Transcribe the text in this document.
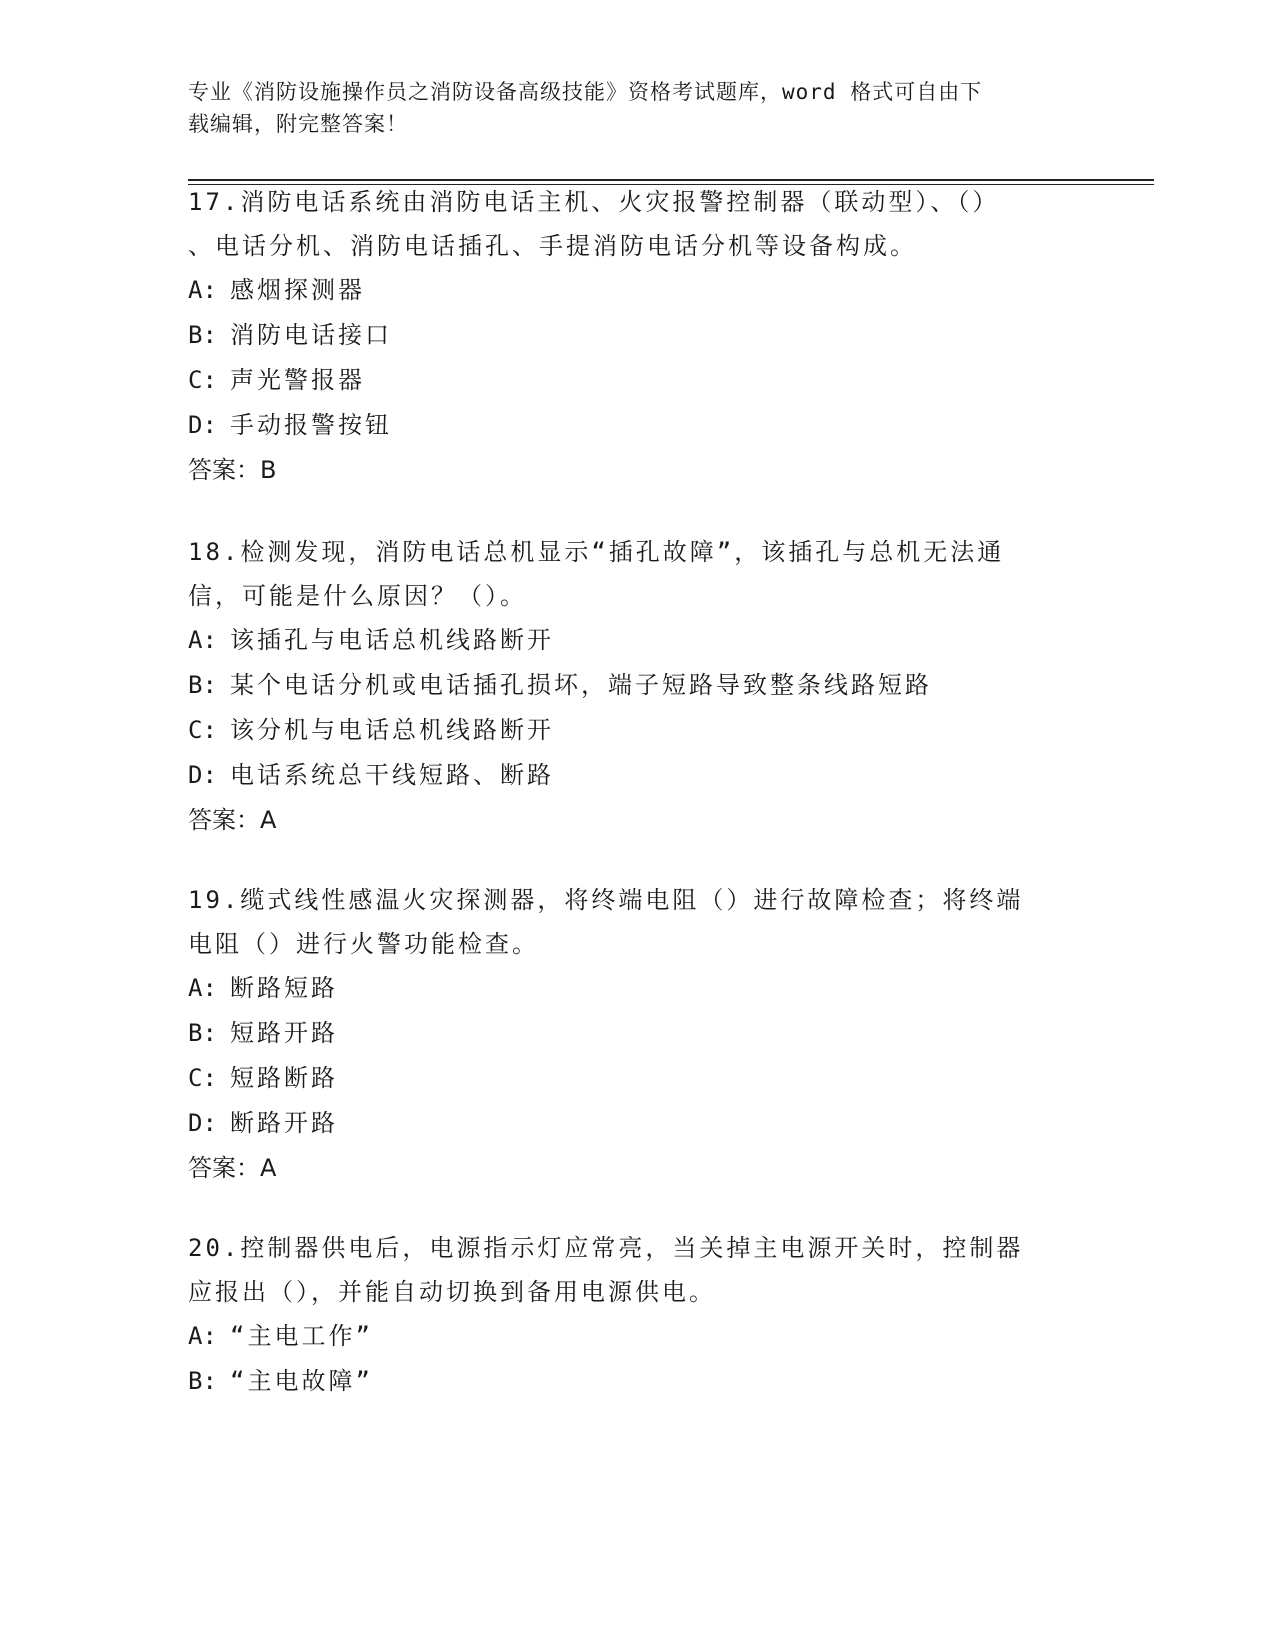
专业《消防设施操作员之消防设备高级技能》资格考试题库，word 格式可自由下
载编辑，附完整答案！
17.消防电话系统由消防电话主机、火灾报警控制器（联动型）、（）
、电话分机、消防电话插孔、手提消防电话分机等设备构成。
A: 感烟探测器
B: 消防电话接口
C: 声光警报器
D: 手动报警按钮
答案：B
18.检测发现，消防电话总机显示“插孔故障”，该插孔与总机无法通
信，可能是什么原因？（）。
A: 该插孔与电话总机线路断开
B: 某个电话分机或电话插孔损坏，端子短路导致整条线路短路
C: 该分机与电话总机线路断开
D: 电话系统总干线短路、断路
答案：A
19.缆式线性感温火灾探测器，将终端电阻（）进行故障检查；将终端
电阻（）进行火警功能检查。
A: 断路短路
B: 短路开路
C: 短路断路
D: 断路开路
答案：A
20.控制器供电后，电源指示灯应常亮，当关掉主电源开关时，控制器
应报出（），并能自动切换到备用电源供电。
A: “主电工作”
B: “主电故障”
